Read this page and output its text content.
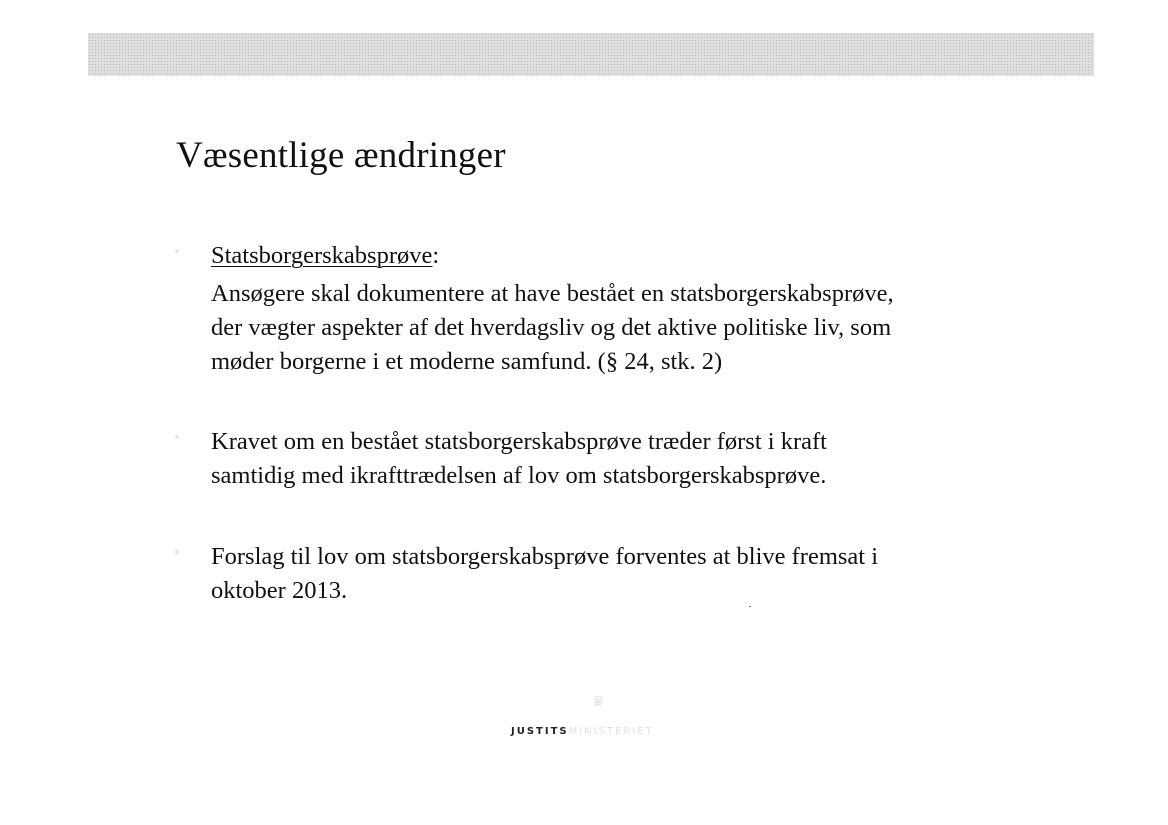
Væsentlige ændringer
Statsborgerskabsprøve:
Ansøgere skal dokumentere at have bestået en statsborgerskabsprøve,
der vægter aspekter af det hverdagsliv og det aktive politiske liv, som
møder borgerne i et moderne samfund. (§ 24, stk. 2)
Kravet om en bestået statsborgerskabsprøve træder først i kraft
samtidig med ikrafttrædelsen af lov om statsborgerskabsprøve.
Forslag til lov om statsborgerskabsprøve forventes at blive fremsat i
oktober 2013.
♛
JUSTITSMINISTERIET
